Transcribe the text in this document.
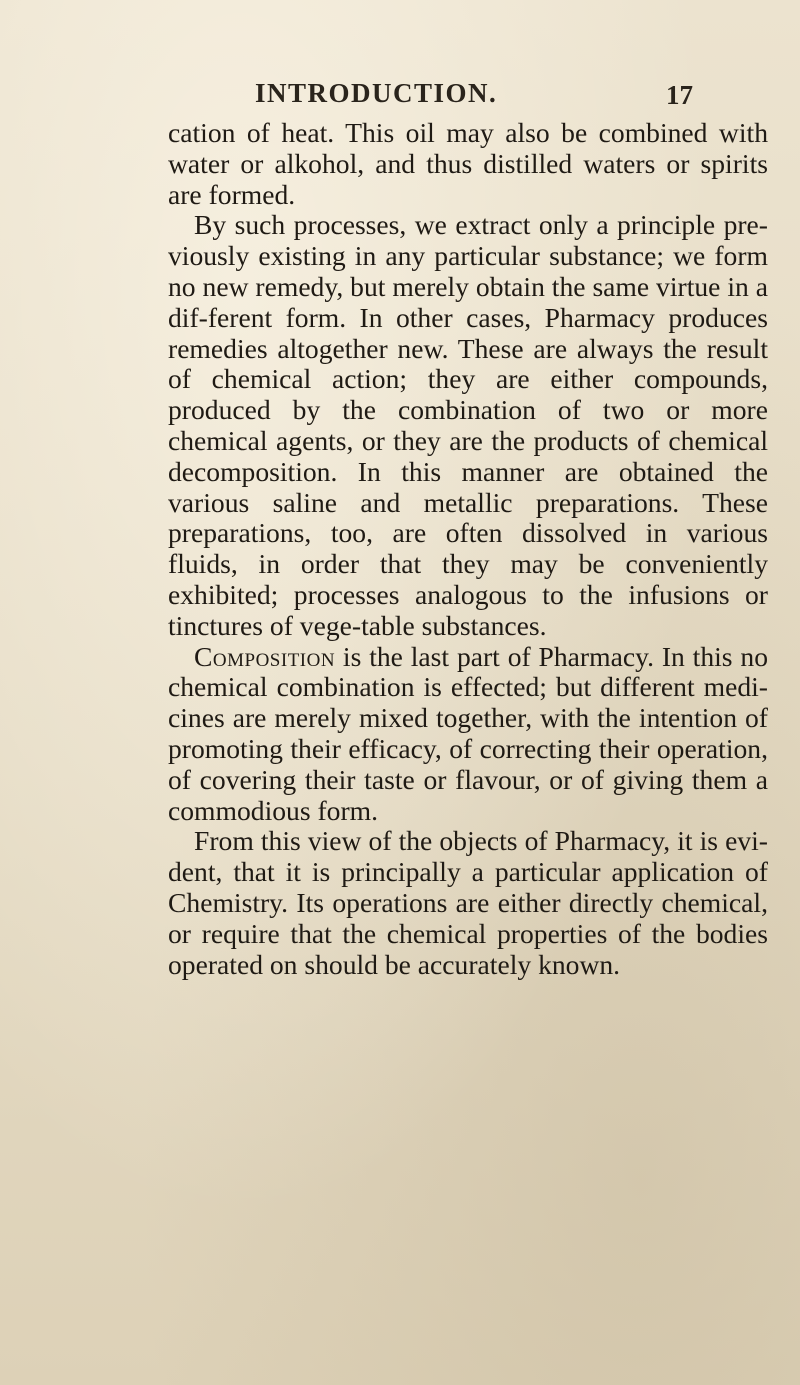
INTRODUCTION.	17

cation of heat. This oil may also be combined with water or alkohol, and thus distilled waters or spirits are formed.

By such processes, we extract only a principle pre-viously existing in any particular substance; we form no new remedy, but merely obtain the same virtue in a dif-ferent form. In other cases, Pharmacy produces remedies altogether new. These are always the result of chemical action; they are either compounds, produced by the combination of two or more chemical agents, or they are the products of chemical decomposition. In this manner are obtained the various saline and metallic preparations. These preparations, too, are often dissolved in various fluids, in order that they may be conveniently exhibited; processes analogous to the infusions or tinctures of vege-table substances.

Composition is the last part of Pharmacy. In this no chemical combination is effected; but different medi-cines are merely mixed together, with the intention of promoting their efficacy, of correcting their operation, of covering their taste or flavour, or of giving them a commodious form.

From this view of the objects of Pharmacy, it is evi-dent, that it is principally a particular application of Chemistry. Its operations are either directly chemical, or require that the chemical properties of the bodies operated on should be accurately known.
